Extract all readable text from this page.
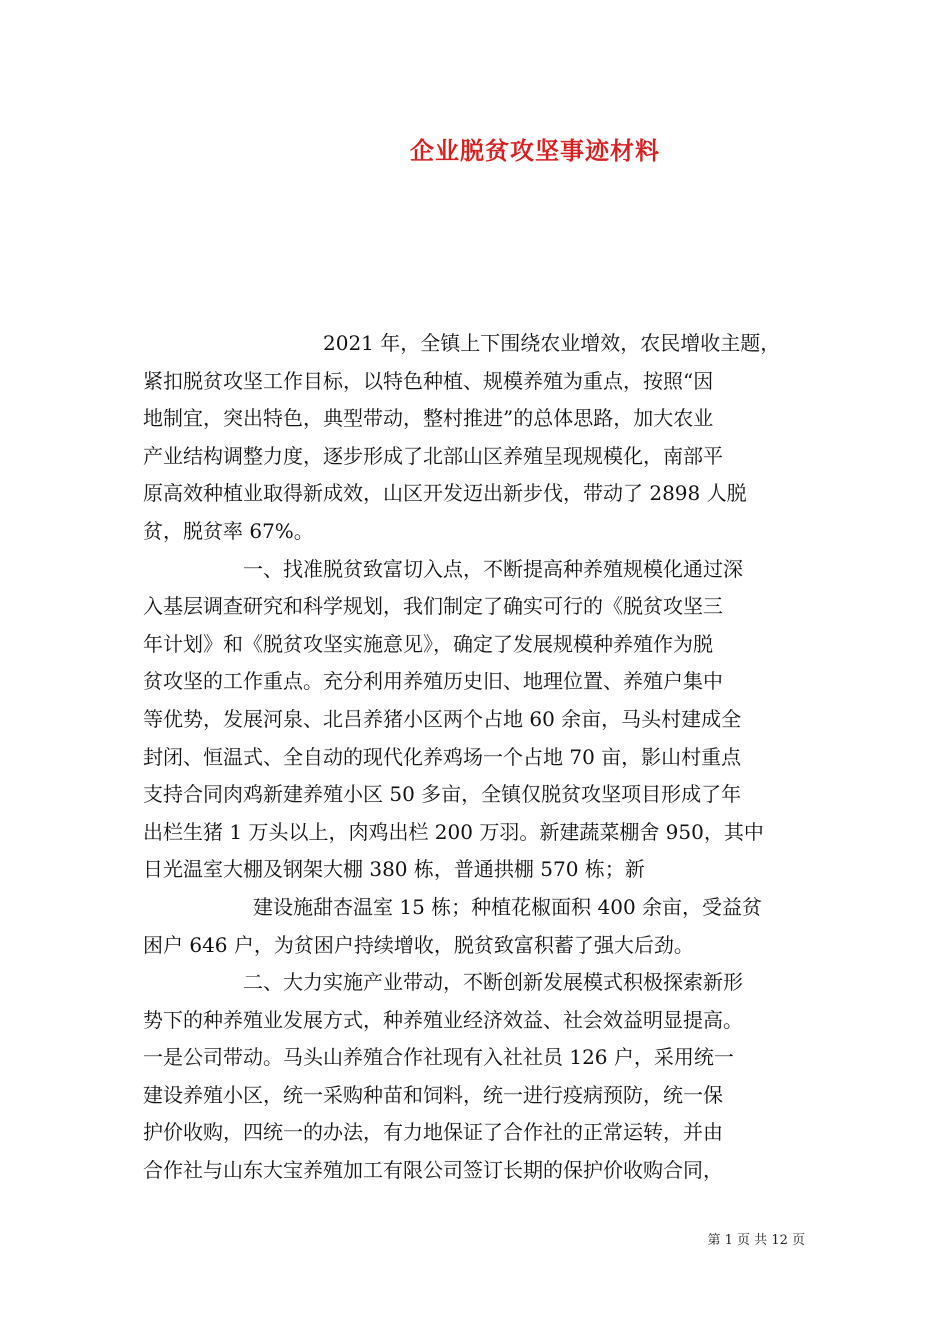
企业脱贫攻坚事迹材料
2021 年，全镇上下围绕农业增效，农民增收主题，
紧扣脱贫攻坚工作目标，以特色种植、规模养殖为重点，按照“因
地制宜，突出特色，典型带动，整村推进”的总体思路，加大农业
产业结构调整力度，逐步形成了北部山区养殖呈现规模化，南部平
原高效种植业取得新成效，山区开发迈出新步伐，带动了 2898 人脱
贫，脱贫率 67%。
一、找准脱贫致富切入点，不断提高种养殖规模化通过深
入基层调查研究和科学规划，我们制定了确实可行的《脱贫攻坚三
年计划》和《脱贫攻坚实施意见》，确定了发展规模种养殖作为脱
贫攻坚的工作重点。充分利用养殖历史旧、地理位置、养殖户集中
等优势，发展河泉、北吕养猪小区两个占地 60 余亩，马头村建成全
封闭、恒温式、全自动的现代化养鸡场一个占地 70 亩，影山村重点
支持合同肉鸡新建养殖小区 50 多亩，全镇仅脱贫攻坚项目形成了年
出栏生猪 1 万头以上，肉鸡出栏 200 万羽。新建蔬菜棚舍 950，其中
日光温室大棚及钢架大棚 380 栋，普通拱棚 570 栋；新
建设施甜杏温室 15 栋；种植花椒面积 400 余亩，受益贫
困户 646 户，为贫困户持续增收，脱贫致富积蓄了强大后劲。
二、大力实施产业带动，不断创新发展模式积极探索新形
势下的种养殖业发展方式，种养殖业经济效益、社会效益明显提高。
一是公司带动。马头山养殖合作社现有入社社员 126 户，采用统一
建设养殖小区，统一采购种苗和饲料，统一进行疫病预防，统一保
护价收购，四统一的办法，有力地保证了合作社的正常运转，并由
合作社与山东大宝养殖加工有限公司签订长期的保护价收购合同，
第 1 页 共 12 页
